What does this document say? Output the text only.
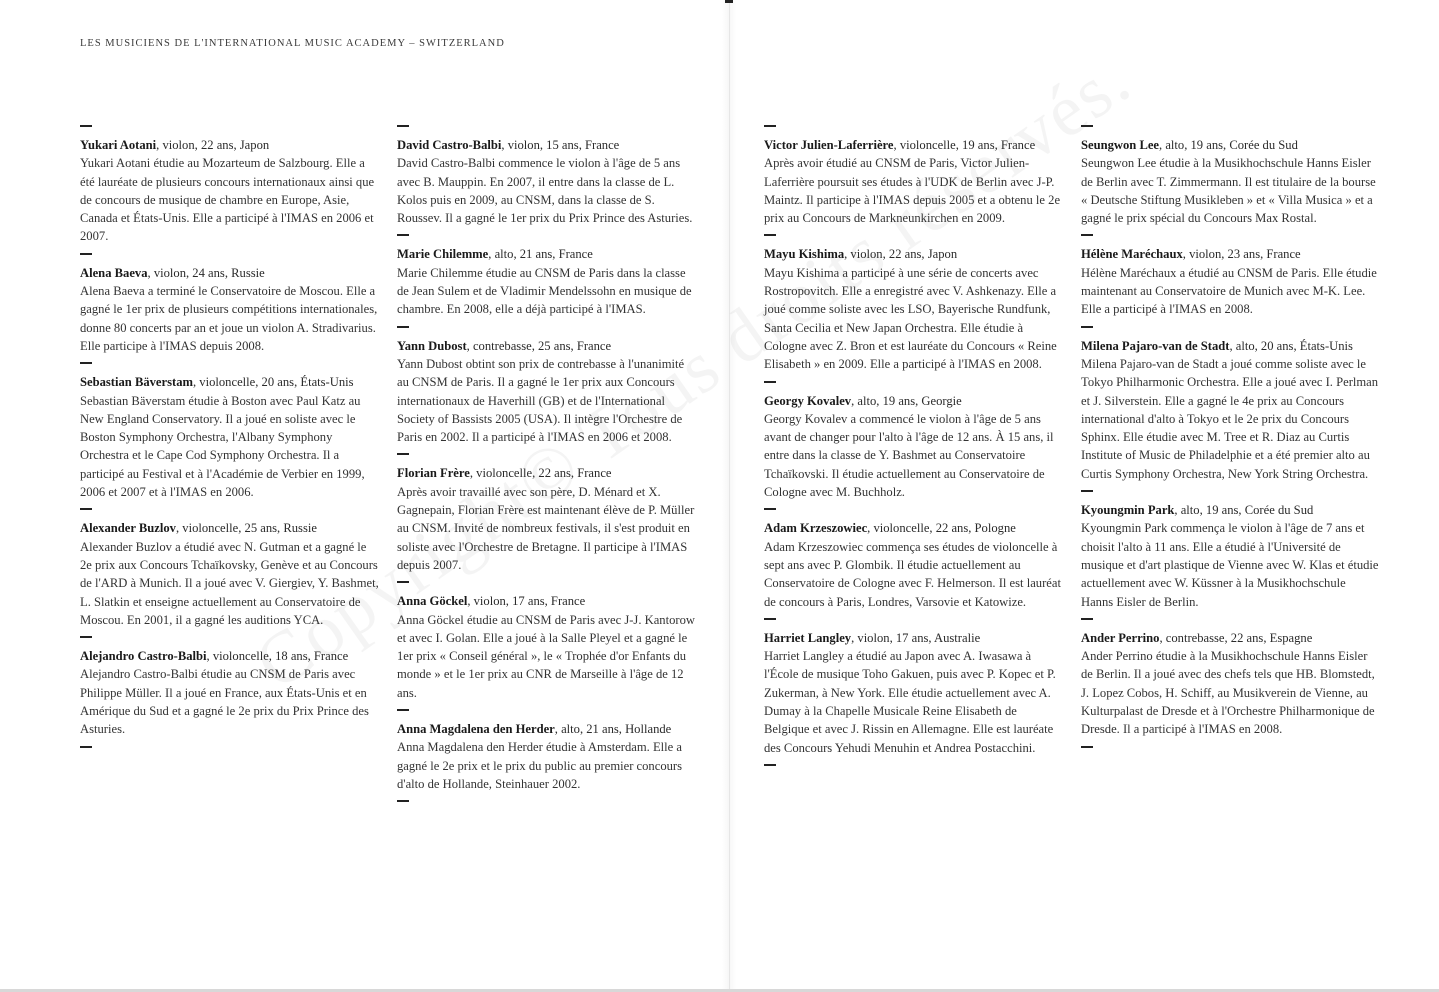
LES MUSICIENS DE L'INTERNATIONAL MUSIC ACADEMY – SWITZERLAND
Yukari Aotani, violon, 22 ans, Japon
Yukari Aotani étudie au Mozarteum de Salzbourg. Elle a été lauréate de plusieurs concours internationaux ainsi que de concours de musique de chambre en Europe, Asie, Canada et États-Unis. Elle a participé à l'IMAS en 2006 et 2007.
Alena Baeva, violon, 24 ans, Russie
Alena Baeva a terminé le Conservatoire de Moscou. Elle a gagné le 1er prix de plusieurs compétitions internationales, donne 80 concerts par an et joue un violon A. Stradivarius. Elle participe à l'IMAS depuis 2008.
Sebastian Bäverstam, violoncelle, 20 ans, États-Unis
Sebastian Bäverstam étudie à Boston avec Paul Katz au New England Conservatory. Il a joué en soliste avec le Boston Symphony Orchestra, l'Albany Symphony Orchestra et le Cape Cod Symphony Orchestra. Il a participé au Festival et à l'Académie de Verbier en 1999, 2006 et 2007 et à l'IMAS en 2006.
Alexander Buzlov, violoncelle, 25 ans, Russie
Alexander Buzlov a étudié avec N. Gutman et a gagné le 2e prix aux Concours Tchaïkovsky, Genève et au Concours de l'ARD à Munich. Il a joué avec V. Giergiev, Y. Bashmet, L. Slatkin et enseigne actuellement au Conservatoire de Moscou. En 2001, il a gagné les auditions YCA.
Alejandro Castro-Balbi, violoncelle, 18 ans, France
Alejandro Castro-Balbi étudie au CNSM de Paris avec Philippe Müller. Il a joué en France, aux États-Unis et en Amérique du Sud et a gagné le 2e prix du Prix Prince des Asturies.
David Castro-Balbi, violon, 15 ans, France
David Castro-Balbi commence le violon à l'âge de 5 ans avec B. Mauppin. En 2007, il entre dans la classe de L. Kolos puis en 2009, au CNSM, dans la classe de S. Roussev. Il a gagné le 1er prix du Prix Prince des Asturies.
Marie Chilemme, alto, 21 ans, France
Marie Chilemme étudie au CNSM de Paris dans la classe de Jean Sulem et de Vladimir Mendelssohn en musique de chambre. En 2008, elle a déjà participé à l'IMAS.
Yann Dubost, contrebasse, 25 ans, France
Yann Dubost obtint son prix de contrebasse à l'unanimité au CNSM de Paris. Il a gagné le 1er prix aux Concours internationaux de Haverhill (GB) et de l'International Society of Bassists 2005 (USA). Il intègre l'Orchestre de Paris en 2002. Il a participé à l'IMAS en 2006 et 2008.
Florian Frère, violoncelle, 22 ans, France
Après avoir travaillé avec son père, D. Ménard et X. Gagnepain, Florian Frère est maintenant élève de P. Müller au CNSM. Invité de nombreux festivals, il s'est produit en soliste avec l'Orchestre de Bretagne. Il participe à l'IMAS depuis 2007.
Anna Göckel, violon, 17 ans, France
Anna Göckel étudie au CNSM de Paris avec J-J. Kantorow et avec I. Golan. Elle a joué à la Salle Pleyel et a gagné le 1er prix « Conseil général », le « Trophée d'or Enfants du monde » et le 1er prix au CNR de Marseille à l'âge de 12 ans.
Anna Magdalena den Herder, alto, 21 ans, Hollande
Anna Magdalena den Herder étudie à Amsterdam. Elle a gagné le 2e prix et le prix du public au premier concours d'alto de Hollande, Steinhauer 2002.
Victor Julien-Laferrière, violoncelle, 19 ans, France
Après avoir étudié au CNSM de Paris, Victor Julien-Laferrière poursuit ses études à l'UDK de Berlin avec J-P. Maintz. Il participe à l'IMAS depuis 2005 et a obtenu le 2e prix au Concours de Markneunkirchen en 2009.
Mayu Kishima, violon, 22 ans, Japon
Mayu Kishima a participé à une série de concerts avec Rostropovitch. Elle a enregistré avec V. Ashkenazy. Elle a joué comme soliste avec les LSO, Bayerische Rundfunk, Santa Cecilia et New Japan Orchestra. Elle étudie à Cologne avec Z. Bron et est lauréate du Concours « Reine Elisabeth » en 2009. Elle a participé à l'IMAS en 2008.
Georgy Kovalev, alto, 19 ans, Georgie
Georgy Kovalev a commencé le violon à l'âge de 5 ans avant de changer pour l'alto à l'âge de 12 ans. À 15 ans, il entre dans la classe de Y. Bashmet au Conservatoire Tchaïkovski. Il étudie actuellement au Conservatoire de Cologne avec M. Buchholz.
Adam Krzeszowiec, violoncelle, 22 ans, Pologne
Adam Krzeszowiec commença ses études de violoncelle à sept ans avec P. Glombik. Il étudie actuellement au Conservatoire de Cologne avec F. Helmerson. Il est lauréat de concours à Paris, Londres, Varsovie et Katowize.
Harriet Langley, violon, 17 ans, Australie
Harriet Langley a étudié au Japon avec A. Iwasawa à l'École de musique Toho Gakuen, puis avec P. Kopec et P. Zukerman, à New York. Elle étudie actuellement avec A. Dumay à la Chapelle Musicale Reine Elisabeth de Belgique et avec J. Rissin en Allemagne. Elle est lauréate des Concours Yehudi Menuhin et Andrea Postacchini.
Seungwon Lee, alto, 19 ans, Corée du Sud
Seungwon Lee étudie à la Musikhochschule Hanns Eisler de Berlin avec T. Zimmermann. Il est titulaire de la bourse « Deutsche Stiftung Musikleben » et « Villa Musica » et a gagné le prix spécial du Concours Max Rostal.
Hélène Maréchaux, violon, 23 ans, France
Hélène Maréchaux a étudié au CNSM de Paris. Elle étudie maintenant au Conservatoire de Munich avec M-K. Lee. Elle a participé à l'IMAS en 2008.
Milena Pajaro-van de Stadt, alto, 20 ans, États-Unis
Milena Pajaro-van de Stadt a joué comme soliste avec le Tokyo Philharmonic Orchestra. Elle a joué avec I. Perlman et J. Silverstein. Elle a gagné le 4e prix au Concours international d'alto à Tokyo et le 2e prix du Concours Sphinx. Elle étudie avec M. Tree et R. Diaz au Curtis Institute of Music de Philadelphie et a été premier alto au Curtis Symphony Orchestra, New York String Orchestra.
Kyoungmin Park, alto, 19 ans, Corée du Sud
Kyoungmin Park commença le violon à l'âge de 7 ans et choisit l'alto à 11 ans. Elle a étudié à l'Université de musique et d'art plastique de Vienne avec W. Klas et étudie actuellement avec W. Küssner à la Musikhochschule Hanns Eisler de Berlin.
Ander Perrino, contrebasse, 22 ans, Espagne
Ander Perrino étudie à la Musikhochschule Hanns Eisler de Berlin. Il a joué avec des chefs tels que HB. Blomstedt, J. Lopez Cobos, H. Schiff, au Musikverein de Vienne, au Kulturpalast de Dresde et à l'Orchestre Philharmonique de Dresde. Il a participé à l'IMAS en 2008.
